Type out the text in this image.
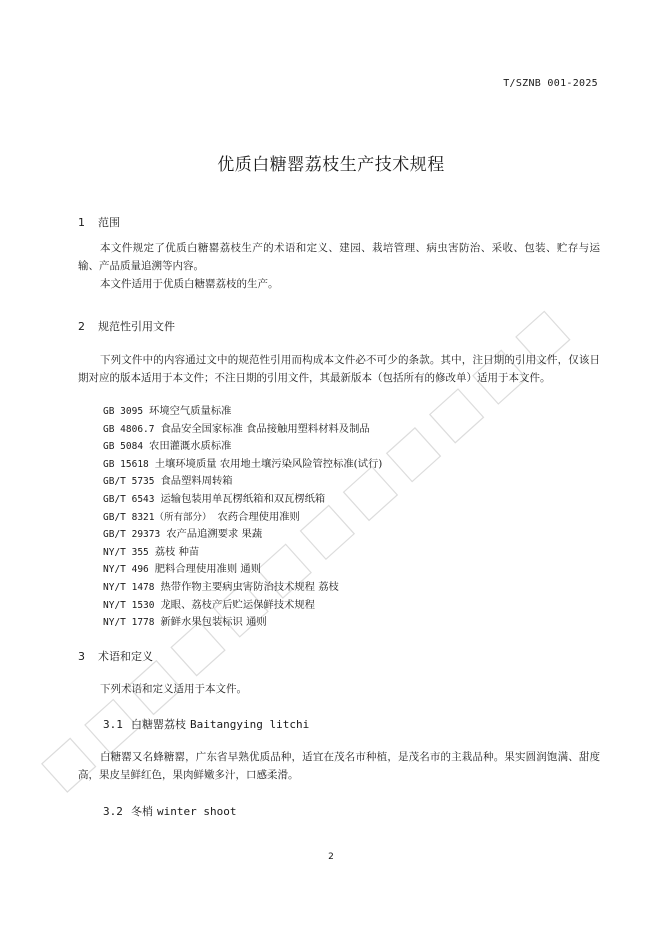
T/SZNB 001-2025
优质白糖罂荔枝生产技术规程
1 范围

本文件规定了优质白糖罂荔枝生产的术语和定义、建园、栽培管理、病虫害防治、采收、包装、贮存与运输、产品质量追溯等内容。

本文件适用于优质白糖罂荔枝的生产。

2 规范性引用文件

下列文件中的内容通过文中的规范性引用而构成本文件必不可少的条款。其中，注日期的引用文件，仅该日期对应的版本适用于本文件；不注日期的引用文件，其最新版本（包括所有的修改单）适用于本文件。

GB 3095 环境空气质量标准
GB 4806.7 食品安全国家标准 食品接触用塑料材料及制品
GB 5084 农田灌溉水质标准
GB 15618 土壤环境质量 农用地土壤污染风险管控标准(试行)
GB/T 5735 食品塑料周转箱
GB/T 6543 运输包装用单瓦楞纸箱和双瓦楞纸箱
GB/T 8321（所有部分） 农药合理使用准则
GB/T 29373 农产品追溯要求 果蔬
NY/T 355 荔枝 种苗
NY/T 496 肥料合理使用准则 通则
NY/T 1478 热带作物主要病虫害防治技术规程 荔枝
NY/T 1530 龙眼、荔枝产后贮运保鲜技术规程
NY/T 1778 新鲜水果包装标识 通则
3 术语和定义

下列术语和定义适用于本文件。

3.1 白糖罂荔枝 Baitangying litchi

白糖罂又名蜂糖罂，广东省早熟优质品种，适宜在茂名市种植，是茂名市的主栽品种。果实圆润饱满、甜度高，果皮呈鲜红色，果肉鲜嫩多汁，口感柔滑。

3.2 冬梢 winter shoot
2
